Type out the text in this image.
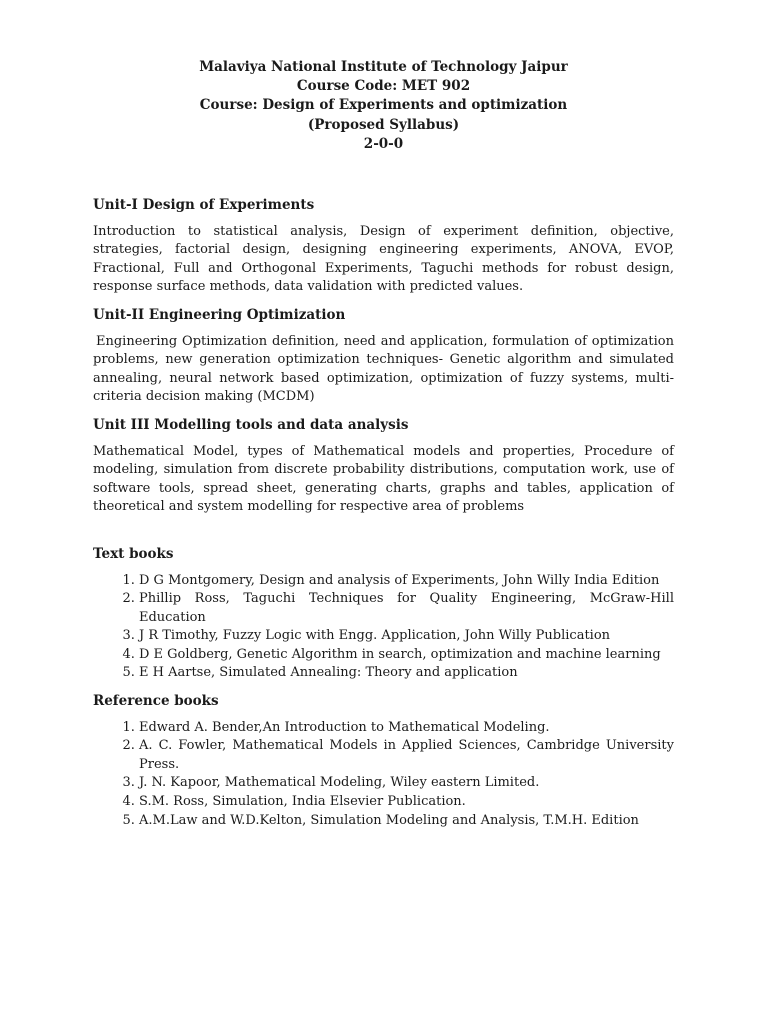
Malaviya National Institute of Technology Jaipur
Course Code: MET 902
Course: Design of Experiments and optimization
(Proposed Syllabus)
2-0-0
Unit-I Design of Experiments

Introduction to statistical analysis, Design of experiment definition, objective, strategies, factorial design, designing engineering experiments, ANOVA, EVOP, Fractional, Full and Orthogonal Experiments, Taguchi methods for robust design, response surface methods, data validation with predicted values.

Unit-II Engineering Optimization

Engineering Optimization definition, need and application, formulation of optimization problems, new generation optimization techniques- Genetic algorithm and simulated annealing, neural network based optimization, optimization of fuzzy systems, multi-criteria decision making (MCDM)

Unit III Modelling tools and data analysis

Mathematical Model, types of Mathematical models and properties, Procedure of modeling, simulation from discrete probability distributions, computation work, use of software tools, spread sheet, generating charts, graphs and tables, application of theoretical and system modelling for respective area of problems

Text books
1. D G Montgomery, Design and analysis of Experiments, John Willy India Edition
2. Phillip Ross, Taguchi Techniques for Quality Engineering, McGraw-Hill Education
3. J R Timothy, Fuzzy Logic with Engg. Application, John Willy Publication
4. D E Goldberg, Genetic Algorithm in search, optimization and machine learning
5. E H Aartse, Simulated Annealing: Theory and application
Reference books
1. Edward A. Bender,An Introduction to Mathematical Modeling.
2. A. C. Fowler, Mathematical Models in Applied Sciences, Cambridge University Press.
3. J. N. Kapoor, Mathematical Modeling, Wiley eastern Limited.
4. S.M. Ross, Simulation, India Elsevier Publication.
5. A.M.Law and W.D.Kelton, Simulation Modeling and Analysis, T.M.H. Edition
